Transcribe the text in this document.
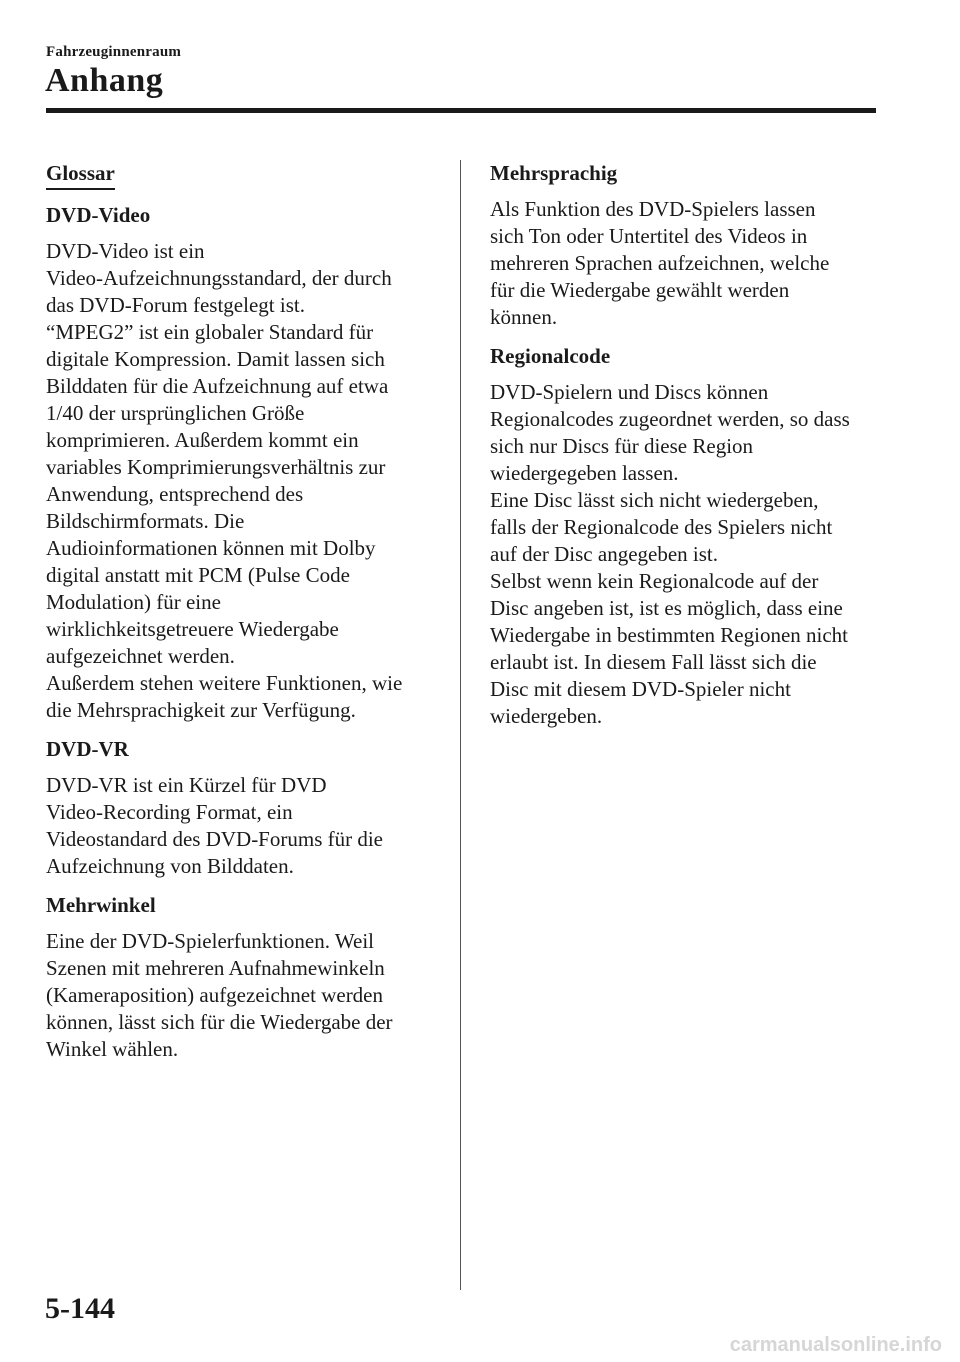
Fahrzeuginnenraum
Anhang
Glossar
DVD-Video

DVD-Video ist ein
Video-Aufzeichnungsstandard, der durch
das DVD-Forum festgelegt ist.
“MPEG2” ist ein globaler Standard für
digitale Kompression. Damit lassen sich
Bilddaten für die Aufzeichnung auf etwa
1/40 der ursprünglichen Größe
komprimieren. Außerdem kommt ein
variables Komprimierungsverhältnis zur
Anwendung, entsprechend des
Bildschirmformats. Die
Audioinformationen können mit Dolby
digital anstatt mit PCM (Pulse Code
Modulation) für eine
wirklichkeitsgetreuere Wiedergabe
aufgezeichnet werden.
Außerdem stehen weitere Funktionen, wie
die Mehrsprachigkeit zur Verfügung.

DVD-VR

DVD-VR ist ein Kürzel für DVD
Video-Recording Format, ein
Videostandard des DVD-Forums für die
Aufzeichnung von Bilddaten.

Mehrwinkel

Eine der DVD-Spielerfunktionen. Weil
Szenen mit mehreren Aufnahmewinkeln
(Kameraposition) aufgezeichnet werden
können, lässt sich für die Wiedergabe der
Winkel wählen.

Mehrsprachig

Als Funktion des DVD-Spielers lassen
sich Ton oder Untertitel des Videos in
mehreren Sprachen aufzeichnen, welche
für die Wiedergabe gewählt werden
können.

Regionalcode

DVD-Spielern und Discs können
Regionalcodes zugeordnet werden, so dass
sich nur Discs für diese Region
wiedergegeben lassen.
Eine Disc lässt sich nicht wiedergeben,
falls der Regionalcode des Spielers nicht
auf der Disc angegeben ist.
Selbst wenn kein Regionalcode auf der
Disc angeben ist, ist es möglich, dass eine
Wiedergabe in bestimmten Regionen nicht
erlaubt ist. In diesem Fall lässt sich die
Disc mit diesem DVD-Spieler nicht
wiedergeben.

5-144
carmanualsonline.info
